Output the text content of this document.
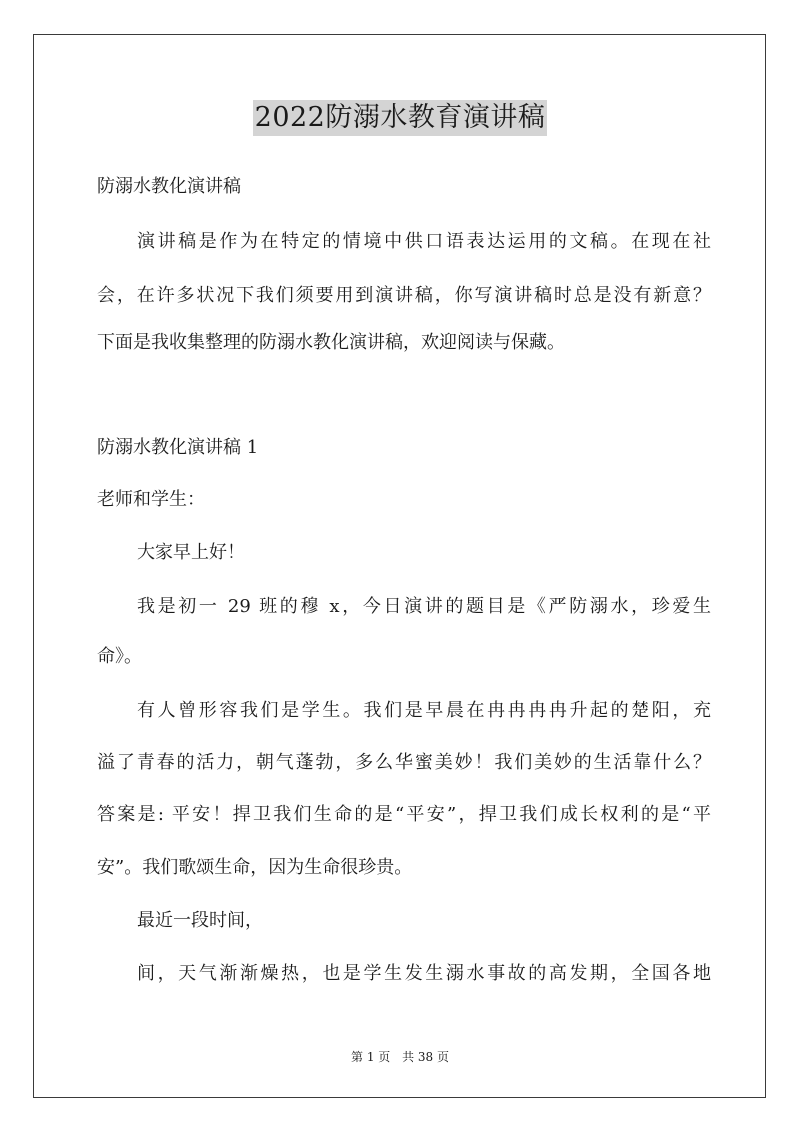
2022防溺水教育演讲稿
防溺水教化演讲稿
演讲稿是作为在特定的情境中供口语表达运用的文稿。在现在社
会，在许多状况下我们须要用到演讲稿，你写演讲稿时总是没有新意？
下面是我收集整理的防溺水教化演讲稿，欢迎阅读与保藏。
防溺水教化演讲稿 1
老师和学生：
大家早上好！
我是初一 29 班的穆 x，今日演讲的题目是《严防溺水，珍爱生
命》。
有人曾形容我们是学生。我们是早晨在冉冉冉冉升起的楚阳，充
溢了青春的活力，朝气蓬勃，多么华蜜美妙！我们美妙的生活靠什么？
答案是: 平安！捍卫我们生命的是“平安”，捍卫我们成长权利的是“平
安”。我们歌颂生命，因为生命很珍贵。
最近一段时间，
间，天气渐渐燥热，也是学生发生溺水事故的高发期，全国各地
第 1 页 共 38 页
